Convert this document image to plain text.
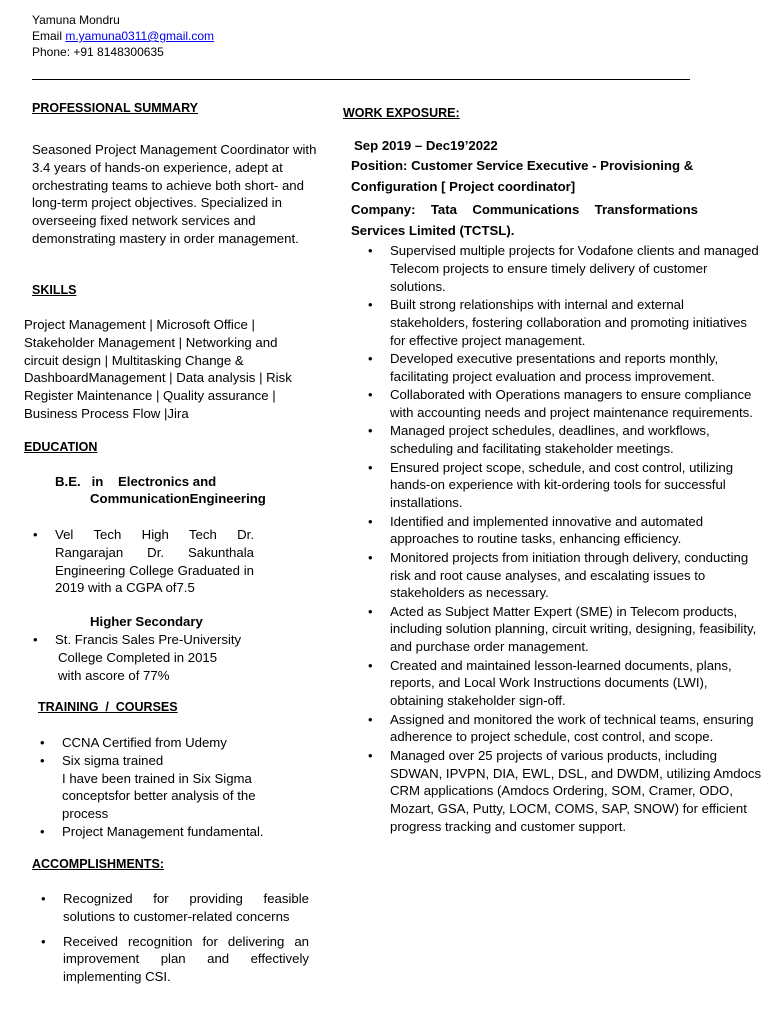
Yamuna Mondru
Email m.yamuna0311@gmail.com
Phone: +91 8148300635
PROFESSIONAL SUMMARY
Seasoned Project Management Coordinator with 3.4 years of hands-on experience, adept at orchestrating teams to achieve both short- and long-term project objectives. Specialized in overseeing fixed network services and demonstrating mastery in order management.
SKILLS
Project Management | Microsoft Office | Stakeholder Management | Networking and circuit design | Multitasking Change & DashboardManagement | Data analysis | Risk Register Maintenance | Quality assurance | Business Process Flow |Jira
EDUCATION
B.E.   in    Electronics and
CommunicationEngineering
• Vel Tech High Tech Dr. Rangarajan Dr. Sakunthala Engineering College Graduated in 2019 with a CGPA of7.5
Higher Secondary
• St. Francis Sales Pre-University
College Completed in 2015
with ascore of 77%
TRAINING  /  COURSES
• CCNA Certified from Udemy
• Six sigma trained
I have been trained in Six Sigma conceptsfor better analysis of the process
• Project Management fundamental.
ACCOMPLISHMENTS:
• Recognized for providing feasible solutions to customer-related concerns
• Received recognition for delivering an improvement plan and effectively implementing CSI.
WORK EXPOSURE:
Sep 2019 – Dec19’2022
Position: Customer Service Executive - Provisioning & Configuration [ Project coordinator]
Company: Tata Communications Transformations Services Limited (TCTSL).
• Supervised multiple projects for Vodafone clients and managed Telecom projects to ensure timely delivery of customer solutions.
• Built strong relationships with internal and external stakeholders, fostering collaboration and promoting initiatives for effective project management.
• Developed executive presentations and reports monthly, facilitating project evaluation and process improvement.
• Collaborated with Operations managers to ensure compliance with accounting needs and project maintenance requirements.
• Managed project schedules, deadlines, and workflows, scheduling and facilitating stakeholder meetings.
• Ensured project scope, schedule, and cost control, utilizing hands-on experience with kit-ordering tools for successful installations.
• Identified and implemented innovative and automated approaches to routine tasks, enhancing efficiency.
• Monitored projects from initiation through delivery, conducting risk and root cause analyses, and escalating issues to stakeholders as necessary.
• Acted as Subject Matter Expert (SME) in Telecom products, including solution planning, circuit writing, designing, feasibility, and purchase order management.
• Created and maintained lesson-learned documents, plans, reports, and Local Work Instructions documents (LWI), obtaining stakeholder sign-off.
• Assigned and monitored the work of technical teams, ensuring adherence to project schedule, cost control, and scope.
• Managed over 25 projects of various products, including SDWAN, IPVPN, DIA, EWL, DSL, and DWDM, utilizing Amdocs CRM applications (Amdocs Ordering, SOM, Cramer, ODO, Mozart, GSA, Putty, LOCM, COMS, SAP, SNOW) for efficient progress tracking and customer support.
